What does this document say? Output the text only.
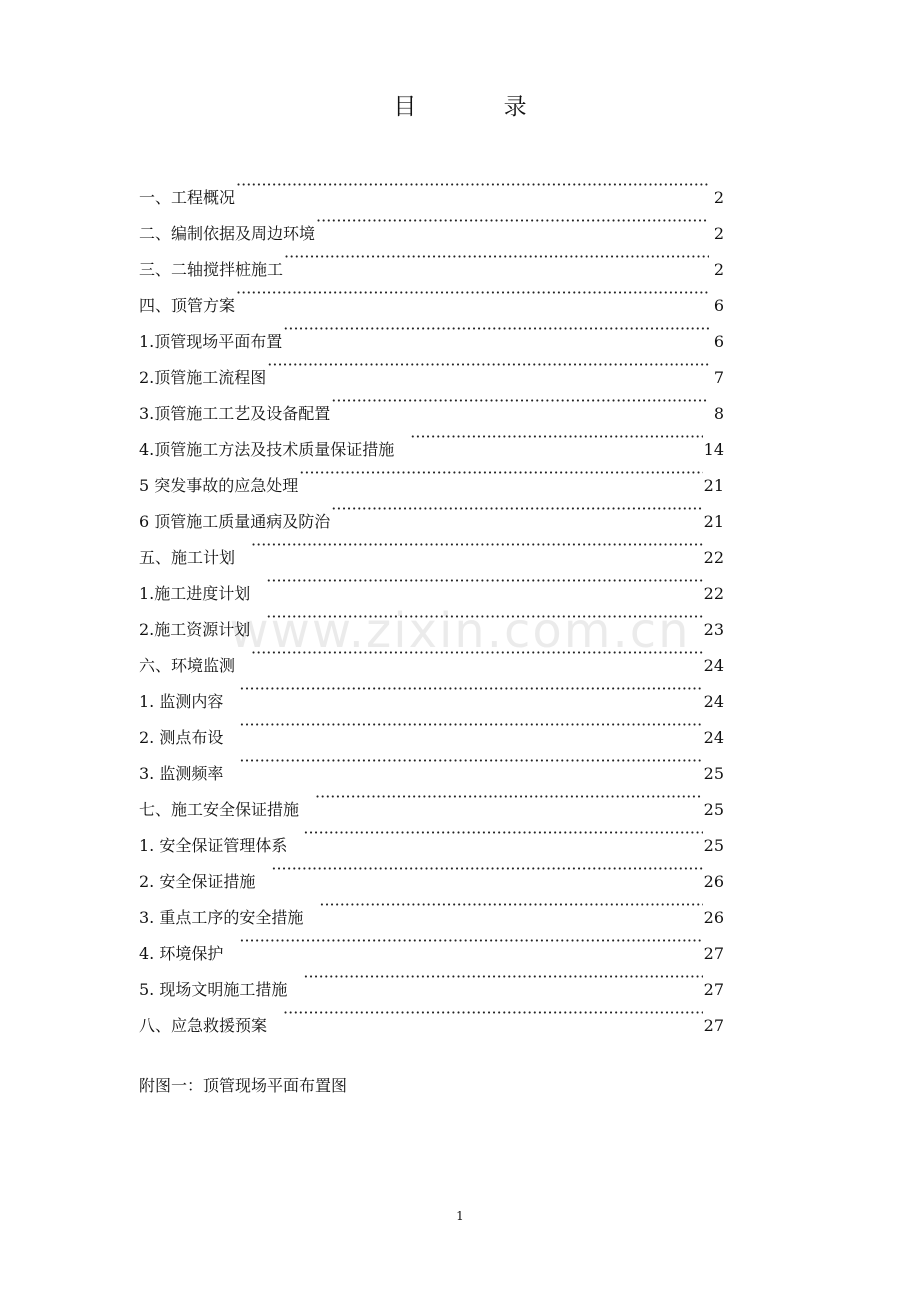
www.zixin.com.cn
目 录
一、工程概况 ·····	2
二、编制依据及周边环境 ·····	2
三、二轴搅拌桩施工 ·····	2
四、顶管方案 ·····	6
1.顶管现场平面布置 ·····	6
2.顶管施工流程图 ·····	7
3.顶管施工工艺及设备配置 ·····	8
4.顶管施工方法及技术质量保证措施 ·····	14
5 突发事故的应急处理 ·····	21
6 顶管施工质量通病及防治 ·····	21
五、施工计划 ·····	22
1.施工进度计划 ·····	22
2.施工资源计划 ·····	23
六、环境监测 ·····	24
1. 监测内容 ·····	24
2. 测点布设 ·····	24
3. 监测频率 ·····	25
七、施工安全保证措施 ·····	25
1. 安全保证管理体系 ·····	25
2. 安全保证措施 ·····	26
3. 重点工序的安全措施 ·····	26
4. 环境保护 ·····	27
5. 现场文明施工措施 ·····	27
八、应急救援预案 ·····	27
附图一：顶管现场平面布置图
1
